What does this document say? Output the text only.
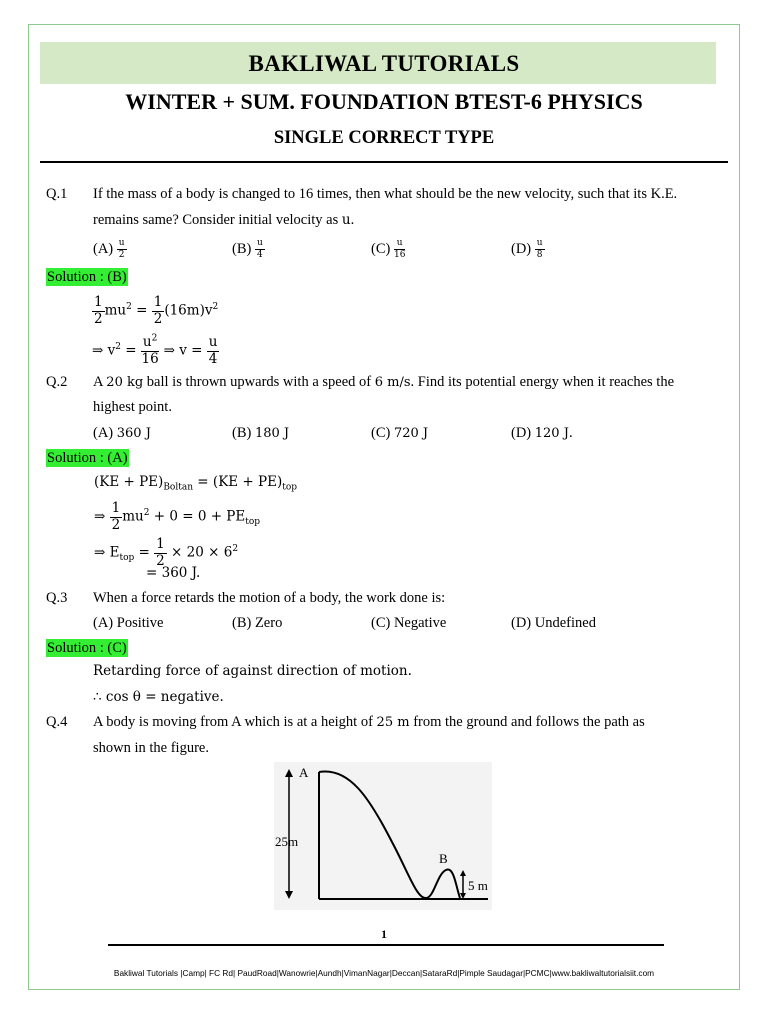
BAKLIWAL TUTORIALS
WINTER + SUM. FOUNDATION BTEST-6 PHYSICS
SINGLE CORRECT TYPE
Q.1 If the mass of a body is changed to 16 times, then what should be the new velocity, such that its K.E.
remains same? Consider initial velocity as u.
$(A) \frac{u}{2}$	$(B) \frac{u}{4}$	$(C) \frac{u}{16}$	$(D) \frac{u}{8}$
Solution : (B)
$\frac{1}{2} mu^2 = \frac{1}{2} (16m)v^2$
⇒ $v^2 = \frac{u^2}{16}$ ⇒ $v = \frac{u}{4}$
Q.2 A 20 kg ball is thrown upwards with a speed of 6 m/s. Find its potential energy when it reaches the
highest point.
(A) 360 J	(B) 180 J	(C) 720 J	(D) 120 J.
Solution : (A)
$(KE + PE)_{Boltan} = (KE + PE)_{top}$
⇒ $\frac{1}{2} mu^2 + 0 = 0 + PE_{top}$
⇒ $E_{top} = \frac{1}{2} \times 20 \times 6^2$
= 360 J.
Q.3 When a force retards the motion of a body, the work done is:
(A) Positive	(B) Zero	(C) Negative	(D) Undefined
Solution : (C)
Retarding force of against direction of motion.
∴ cos θ = negative.
Q.4 A body is moving from A which is at a height of 25 m from the ground and follows the path as
shown in the figure.
A
B
25m
5 m
1
Bakliwal Tutorials |Camp| FC Rd| PaudRoad|Wanowrie|Aundh|VimanNagar|Deccan|SataraRd|Pimple Saudagar|PCMC|www.bakliwaltutorialsiit.com
